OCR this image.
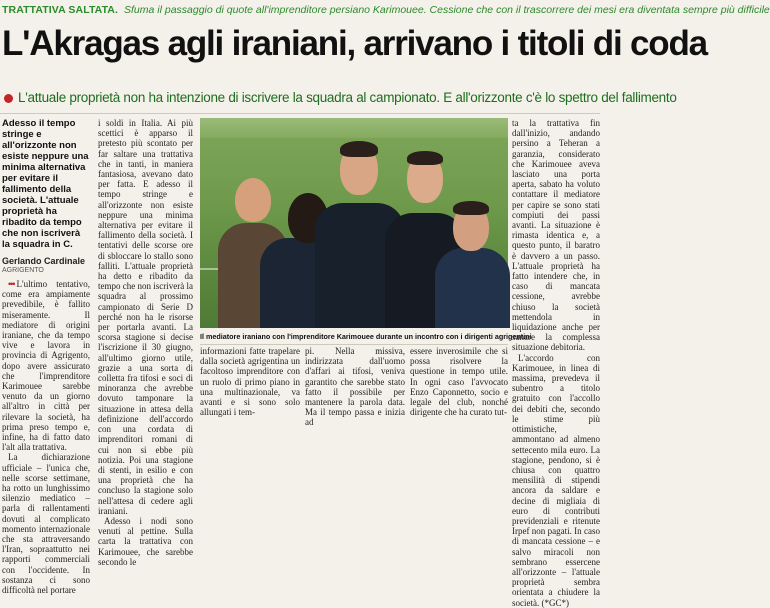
TRATTATIVA SALTATA. Sfuma il passaggio di quote all'imprenditore persiano Karimouee. Cessione che con il trascorrere dei mesi era diventata sempre più difficile
L'Akragas agli iraniani, arrivano i titoli di coda
L'attuale proprietà non ha intenzione di iscrivere la squadra al campionato. E all'orizzonte c'è lo spettro del fallimento
Adesso il tempo stringe e all'orizzonte non esiste neppure una minima alternativa per evitare il fallimento della società. L'attuale proprietà ha ribadito da tempo che non iscriverà la squadra in C.
Gerlando Cardinale
AGRIGENTO

••• L'ultimo tentativo, come era ampiamente prevedibile, è fallito miseramente. Il mediatore di origini iraniane, che da tempo vive e lavora in provincia di Agrigento, dopo avere assicurato che l'imprenditore Karimouee sarebbe venuto da un giorno all'altro in città per rilevare la società, ha prima preso tempo e, infine, ha di fatto dato l'alt alla trattativa.

La dichiarazione ufficiale – l'unica che, nelle scorse settimane, ha rotto un lunghissimo silenzio mediatico – parla di rallentamenti dovuti al complicato momento internazionale che sta attraversando l'Iran, sopraattutto nei rapporti commerciali con l'occidente. In sostanza ci sono difficoltà nel portare

i soldi in Italia. Ai più scettici è apparso il pretesto più scontato per far saltare una trattativa che in tanti, in maniera fantasiosa, avevano dato per fatta. E adesso il tempo stringe e all'orizzonte non esiste neppure una minima alternativa per evitare il fallimento della società. I tentativi delle scorse ore di sbloccare lo stallo sono falliti. L'attuale proprietà ha detto e ribadito da tempo che non iscriverà la squadra al prossimo campionato di Serie D perché non ha le risorse per portarla avanti. La scorsa stagione si decise l'iscrizione il 30 giugno, all'ultimo giorno utile, grazie a una sorta di colletta fra tifosi e soci di minoranza che avrebbe dovuto tamponare la situazione in attesa della definizione dell'accordo con una cordata di imprenditori romani di cui non si ebbe più notizia. Poi una stagione di stenti, in esilio e con una proprietà che ha concluso la stagione solo nell'attesa di cedere agli iraniani.

Adesso i nodi sono venuti al pettine. Sulla carta la trattativa con Karimouee, che sarebbe secondo le

Il mediatore iraniano con l'imprenditore Karimouee durante un incontro con i dirigenti agrigentini

informazioni fatte trapelare dalla società agrigentina un facoltoso imprenditore con un ruolo di primo piano in una multinazionale, va avanti e si sono solo allungati i tem-

pi. Nella missiva, indirizzata dall'uomo d'affari ai tifosi, veniva garantito che sarebbe stato fatto il possibile per mantenere la parola data. Ma il tempo passa e inizia ad

essere inverosimile che si possa risolvere la questione in tempo utile. In ogni caso l'avvocato Enzo Caponnetto, socio e legale del club, nonché dirigente che ha curato tut-

ta la trattativa fin dall'inizio, andando persino a Teheran a garanzia, considerato che Karimouee aveva lasciato una porta aperta, sabato ha voluto contattare il mediatore per capire se sono stati compiuti dei passi avanti. La situazione è rimasta identica e, a questo punto, il baratro è davvero a un passo. L'attuale proprietà ha fatto intendere che, in caso di mancata cessione, avrebbe chiuso la società mettendola in liquidazione anche per sanare la complessa situazione debitoria.

L'accordo con Karimouee, in linea di massima, prevedeva il subentro a titolo gratuito con l'accollo dei debiti che, secondo le stime più ottimistiche, ammontano ad almeno settecento mila euro. La stagione, pendono, si è chiusa con quattro mensilità di stipendi ancora da saldare e decine di migliaia di euro di contributi previdenziali e ritenute Irpef non pagati. In caso di mancata cessione – e salvo miracoli non sembrano essercene all'orizzonte – l'attuale proprietà sembra orientata a chiudere la società. (*GC*)
